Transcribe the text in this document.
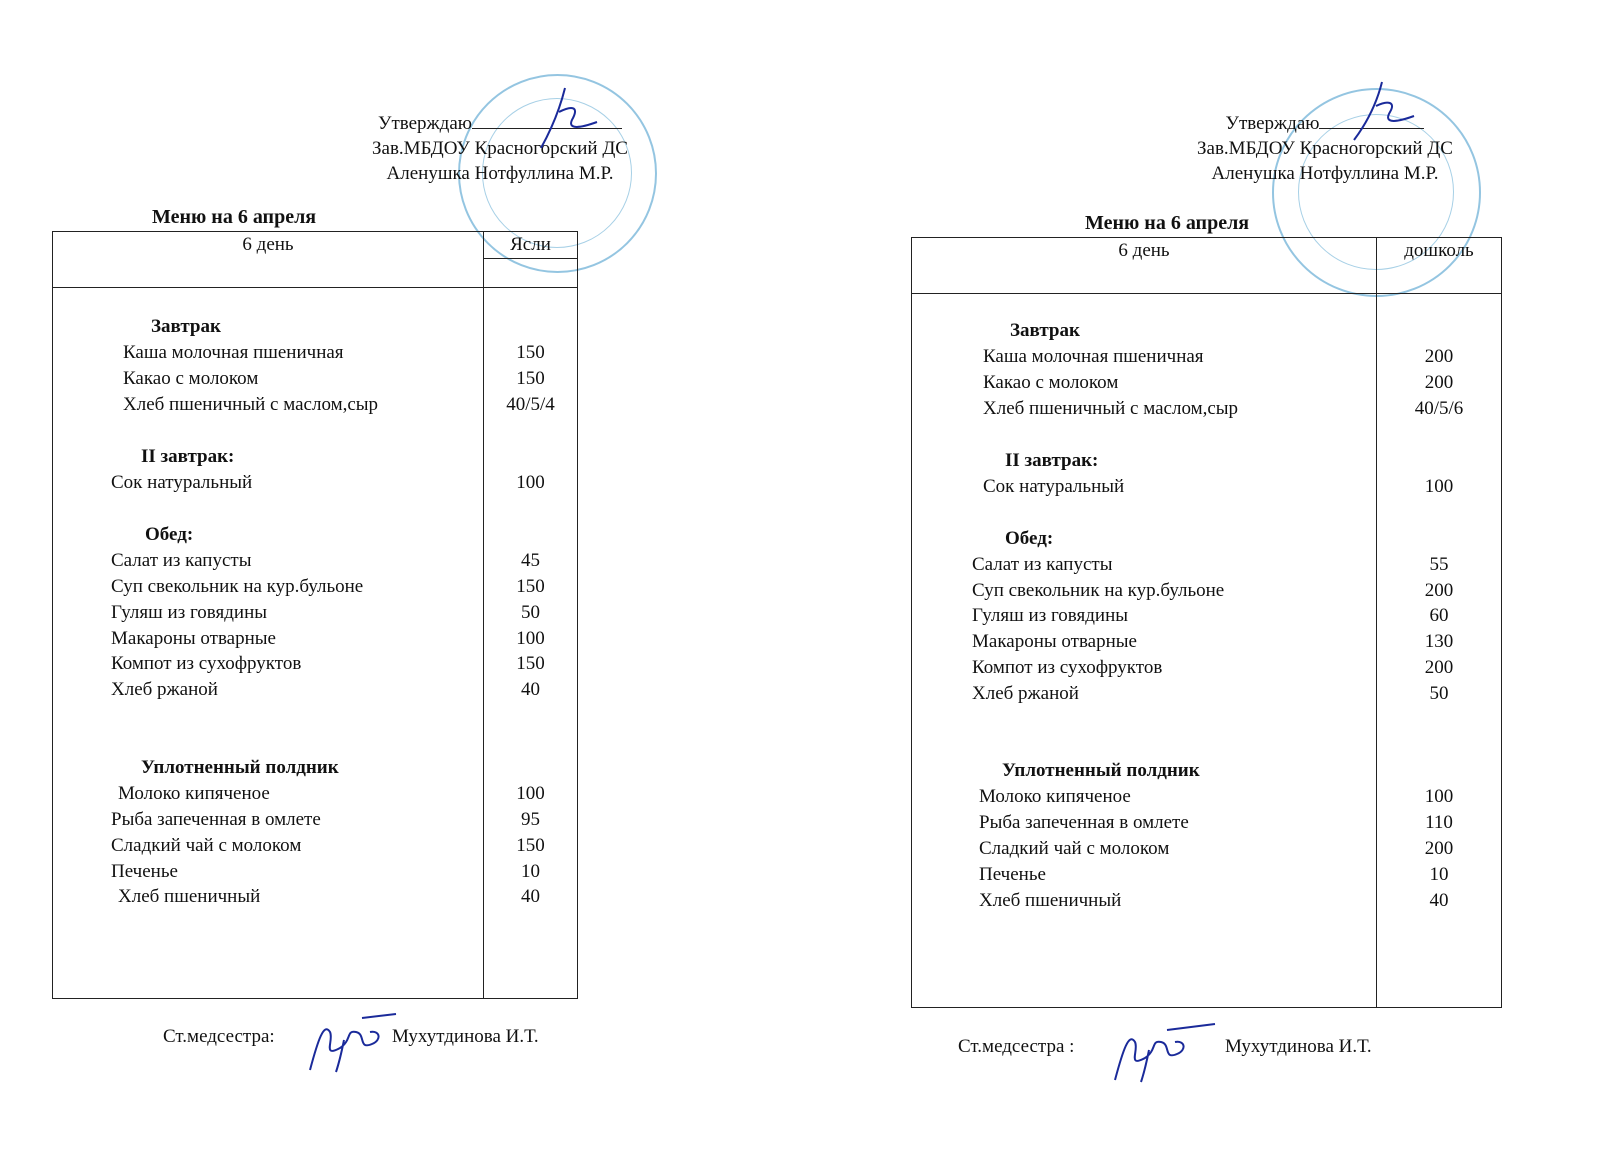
Утверждаю
Зав.МБДОУ Красногорский ДС
Аленушка Нотфуллина М.Р.
Меню на 6 апреля
6 день	Ясли
Завтрак
Каша молочная пшеничная	150
Какао с молоком	150
Хлеб пшеничный с маслом,сыр	40/5/4
II завтрак:
Сок натуральный	100
Обед:
Салат из капусты	45
Суп свекольник на кур.бульоне	150
Гуляш из говядины	50
Макароны отварные	100
Компот из сухофруктов	150
Хлеб ржаной	40
Уплотненный полдник
Молоко кипяченое	100
Рыба запеченная в омлете	95
Сладкий чай с молоком	150
Печенье	10
Хлеб пшеничный	40
Ст.медсестра:	Мухутдинова И.Т.
Утверждаю
Зав.МБДОУ Красногорский ДС
Аленушка Нотфуллина М.Р.
Меню на 6 апреля
6 день	дошколь
Завтрак
Каша молочная пшеничная	200
Какао с молоком	200
Хлеб пшеничный с маслом,сыр	40/5/6
II завтрак:
Сок натуральный	100
Обед:
Салат из капусты	55
Суп свекольник на кур.бульоне	200
Гуляш из говядины	60
Макароны отварные	130
Компот из сухофруктов	200
Хлеб ржаной	50
Уплотненный полдник
Молоко кипяченое	100
Рыба запеченная в омлете	110
Сладкий чай с молоком	200
Печенье	10
Хлеб пшеничный	40
Ст.медсестра :	Мухутдинова И.Т.
